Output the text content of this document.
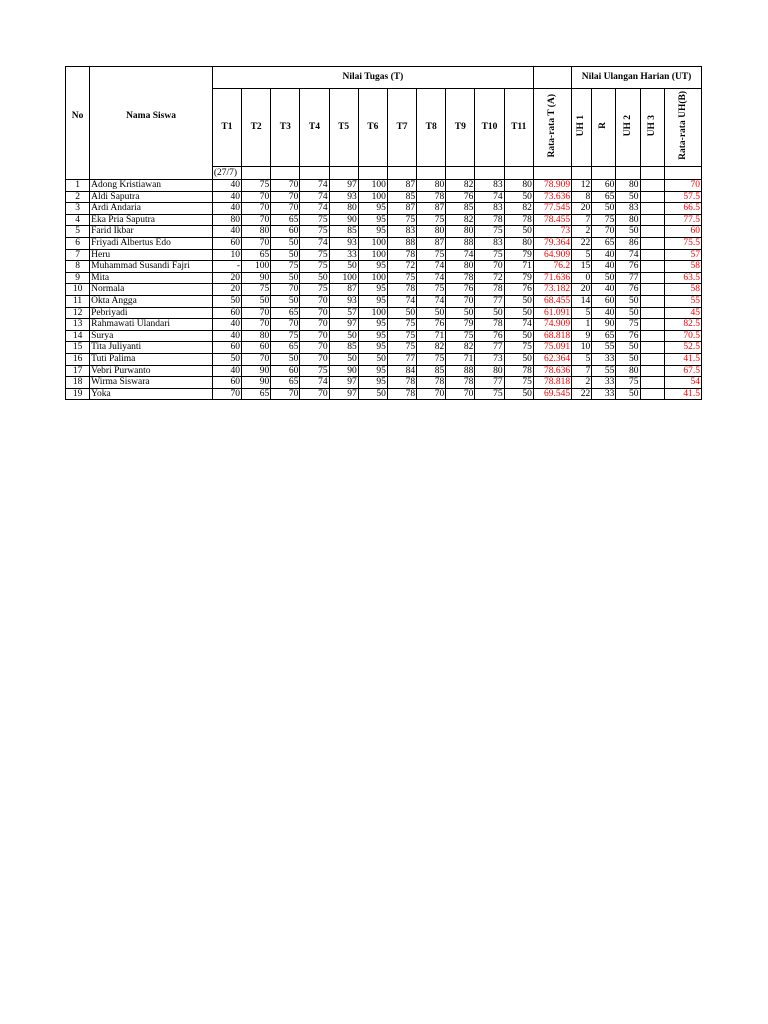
No	Nama Siswa	Nilai Tugas (T)												Nilai Ulangan Harian (UT)				
		T1	T2	T3	T4	T5	T6	T7	T8	T9	T10	T11	Rata-rata T (A)	UH 1	R	UH 2	UH 3	Rata-rata UH(B)
		(27/7)																
1	Adong Kristiawan	40	75	70	74	97	100	87	80	82	83	80	78.909	12	60	80		70
2	Aldi Saputra	40	70	70	74	93	100	85	78	76	74	50	73.636	8	65	50		57.5
3	Ardi Andaria	40	70	70	74	80	95	87	87	85	83	82	77.545	20	50	83		66.5
4	Eka Pria Saputra	80	70	65	75	90	95	75	75	82	78	78	78.455	7	75	80		77.5
5	Farid Ikbar	40	80	60	75	85	95	83	80	80	75	50	73	2	70	50		60
6	Friyadi Albertus Edo	60	70	50	74	93	100	88	87	88	83	80	79.364	22	65	86		75.5
7	Heru	10	65	50	75	33	100	78	75	74	75	79	64.909	5	40	74		57
8	Muhammad Susandi Fajri	-	100	75	75	50	95	72	74	80	70	71	76.2	15	40	76		58
9	Mita	20	90	50	50	100	100	75	74	78	72	79	71.636	0	50	77		63.5
10	Normala	20	75	70	75	87	95	78	75	76	78	76	73.182	20	40	76		58
11	Okta Angga	50	50	50	70	93	95	74	74	70	77	50	68.455	14	60	50		55
12	Pebriyadi	60	70	65	70	57	100	50	50	50	50	50	61.091	5	40	50		45
13	Rahmawati Ulandari	40	70	70	70	97	95	75	76	79	78	74	74.909	1	90	75		82.5
14	Surya	40	80	75	70	50	95	75	71	75	76	50	68.818	9	65	76		70.5
15	Tita Juliyanti	60	60	65	70	85	95	75	82	82	77	75	75.091	10	55	50		52.5
16	Tuti Palima	50	70	50	70	50	50	77	75	71	73	50	62.364	5	33	50		41.5
17	Vebri Purwanto	40	90	60	75	90	95	84	85	88	80	78	78.636	7	55	80		67.5
18	Wirma Siswara	60	90	65	74	97	95	78	78	78	77	75	78.818	2	33	75		54
19	Yoka	70	65	70	70	97	50	78	70	70	75	50	69.545	22	33	50		41.5
